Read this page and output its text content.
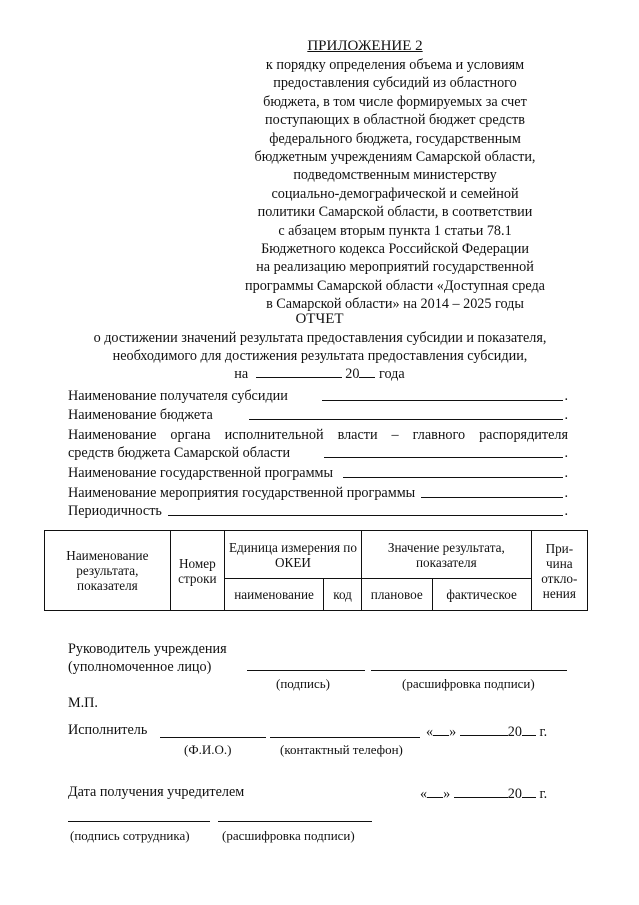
ПРИЛОЖЕНИЕ 2
к порядку определения объема и условиям
предоставления субсидий из областного
бюджета, в том числе формируемых за счет
поступающих в областной бюджет средств
федерального бюджета, государственным
бюджетным учреждениям Самарской области,
подведомственным министерству
социально-демографической и семейной
политики Самарской области, в соответствии
с абзацем вторым пункта 1 статьи 78.1
Бюджетного кодекса Российской Федерации
на реализацию мероприятий государственной
программы Самарской области «Доступная среда
в Самарской области» на 2014 – 2025 годы
ОТЧЕТ
о достижении значений результата предоставления субсидии и показателя,
необходимого для достижения результата предоставления субсидии,
на	20 года
Наименование получателя субсидии	.
Наименование бюджета	.
Наименование органа исполнительной власти – главного распорядителя
средств бюджета Самарской области	.
Наименование государственной программы	.
Наименование мероприятия государственной программы	.
Периодичность	.
Наименование результата, показателя	Номер строки	Единица измерения по ОКЕИ		Значение результата, показателя		При-чина откло-нения
		наименование	код	плановое	фактическое	
Руководитель учреждения
(уполномоченное лицо)
(подпись)	(расшифровка подписи)
М.П.
Исполнитель	« »	20 г.
(Ф.И.О.)	(контактный телефон)
Дата получения учредителем	« »	20 г.
(подпись сотрудника) (расшифровка подписи)
